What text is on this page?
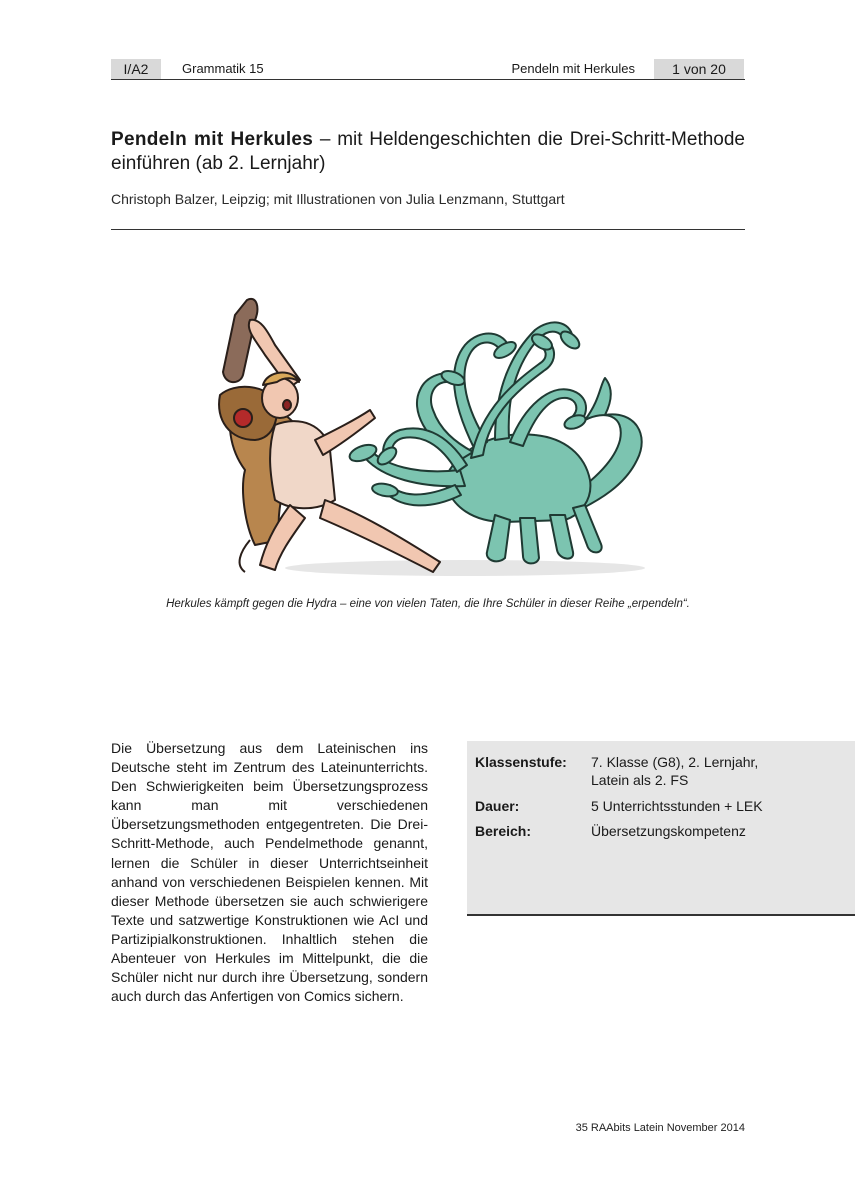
I/A2	Grammatik 15	Pendeln mit Herkules	1 von 20
Pendeln mit Herkules – mit Heldengeschichten die Drei-Schritt-Methode einführen (ab 2. Lernjahr)
Christoph Balzer, Leipzig; mit Illustrationen von Julia Lenzmann, Stuttgart
Herkules kämpft gegen die Hydra – eine von vielen Taten, die Ihre Schüler in dieser Reihe „erpendeln“.
Die Übersetzung aus dem Lateinischen ins Deutsche steht im Zentrum des Lateinunterrichts. Den Schwierigkeiten beim Übersetzungsprozess kann man mit verschiedenen Übersetzungsmethoden entgegentreten. Die Drei-Schritt-Methode, auch Pendelmethode genannt, lernen die Schüler in dieser Unterrichtseinheit anhand von verschiedenen Beispielen kennen. Mit dieser Methode übersetzen sie auch schwierigere Texte und satzwertige Konstruktionen wie AcI und Partizipialkonstruktionen. Inhaltlich stehen die Abenteuer von Herkules im Mittelpunkt, die die Schüler nicht nur durch ihre Übersetzung, sondern auch durch das Anfertigen von Comics sichern.
Klassenstufe:	7. Klasse (G8), 2. Lernjahr, Latein als 2. FS
Dauer:	5 Unterrichtsstunden + LEK
Bereich:	Übersetzungskompetenz
35 RAAbits Latein November 2014
